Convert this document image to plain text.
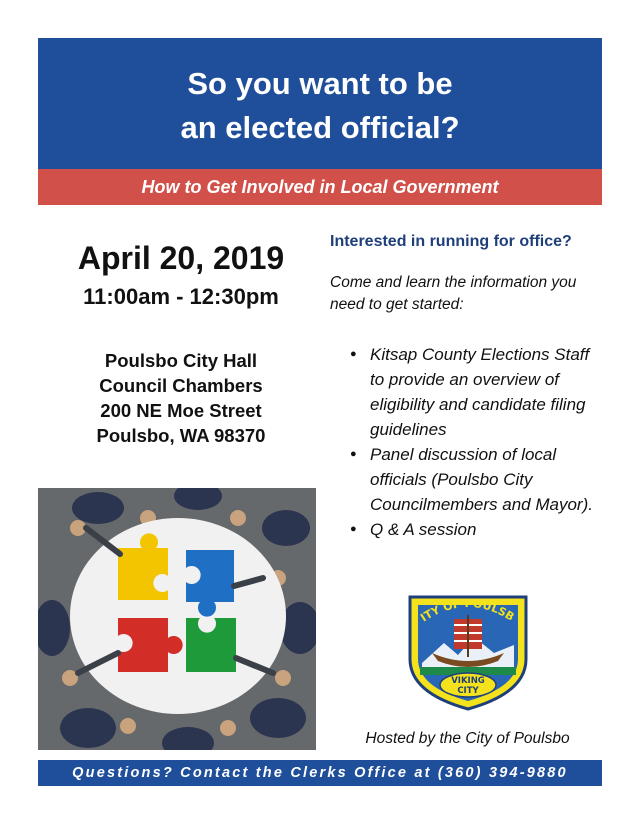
So you want to be
an elected official?
How to Get Involved in Local Government
April 20, 2019
11:00am - 12:30pm
Poulsbo City Hall
Council Chambers
200 NE Moe Street
Poulsbo, WA 98370
Interested in running for office?
Come and learn the information you need to get started:
● Kitsap County Elections Staff to provide an overview of eligibility and candidate filing guidelines
● Panel discussion of local officials (Poulsbo City Councilmembers and Mayor).
● Q & A session
ITY OF POULSB
VIKING
CITY
Hosted by the City of Poulsbo
Questions? Contact the Clerks Office at (360) 394-9880
